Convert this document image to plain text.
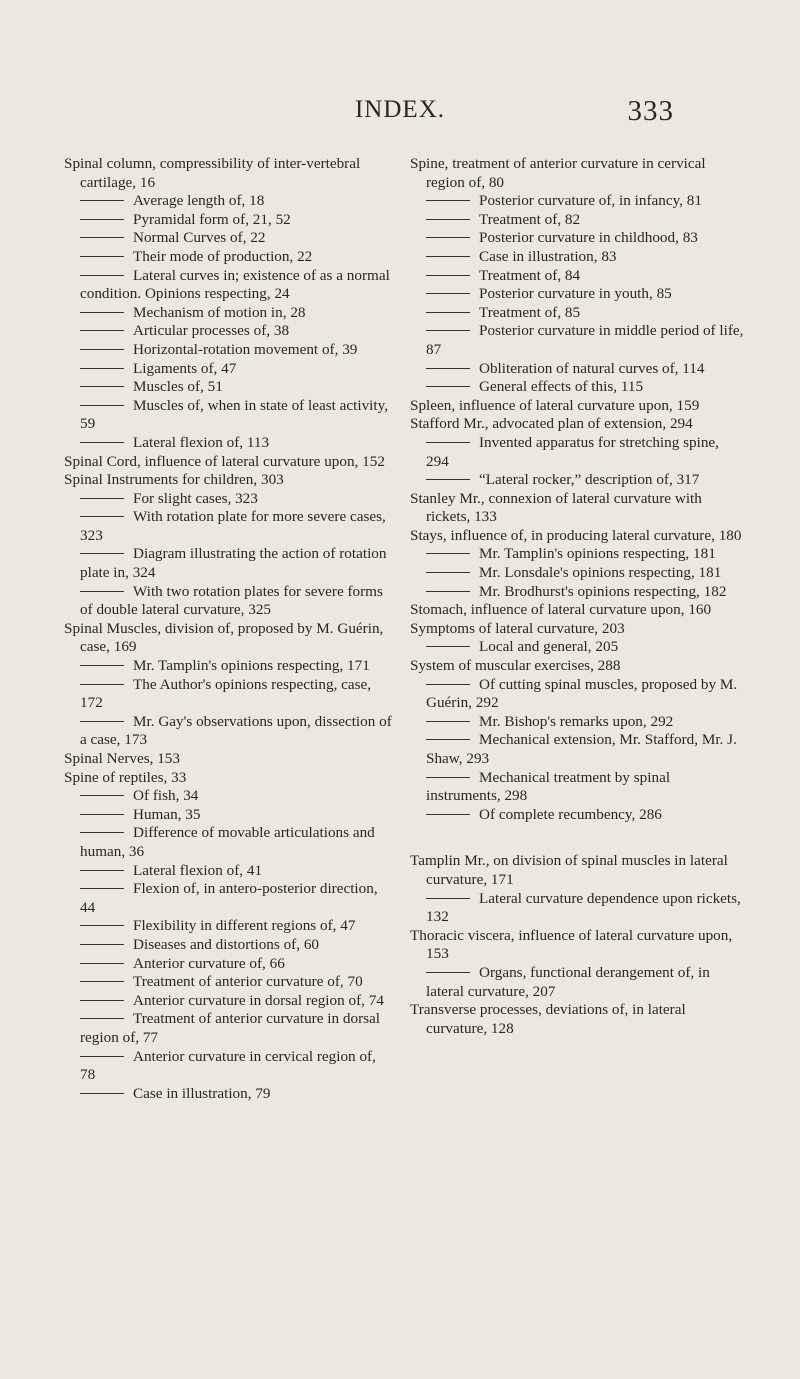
INDEX.	333
Spinal column, compressibility of inter-vertebral cartilage, 16
Average length of, 18
Pyramidal form of, 21, 52
Normal Curves of, 22
Their mode of production, 22
Lateral curves in; existence of as a normal condition. Opinions respecting, 24
Mechanism of motion in, 28
Articular processes of, 38
Horizontal-rotation movement of, 39
Ligaments of, 47
Muscles of, 51
Muscles of, when in state of least activity, 59
Lateral flexion of, 113
Spinal Cord, influence of lateral curvature upon, 152
Spinal Instruments for children, 303
For slight cases, 323
With rotation plate for more severe cases, 323
Diagram illustrating the action of rotation plate in, 324
With two rotation plates for severe forms of double lateral curvature, 325
Spinal Muscles, division of, proposed by M. Guérin, case, 169
Mr. Tamplin's opinions respecting, 171
The Author's opinions respecting, case, 172
Mr. Gay's observations upon, dissection of a case, 173
Spinal Nerves, 153
Spine of reptiles, 33
Of fish, 34
Human, 35
Difference of movable articulations and human, 36
Lateral flexion of, 41
Flexion of, in antero-posterior direction, 44
Flexibility in different regions of, 47
Diseases and distortions of, 60
Anterior curvature of, 66
Treatment of anterior curvature of, 70
Anterior curvature in dorsal region of, 74
Treatment of anterior curvature in dorsal region of, 77
Anterior curvature in cervical region of, 78
Case in illustration, 79
Spine, treatment of anterior curvature in cervical region of, 80
Posterior curvature of, in infancy, 81
Treatment of, 82
Posterior curvature in childhood, 83
Case in illustration, 83
Treatment of, 84
Posterior curvature in youth, 85
Treatment of, 85
Posterior curvature in middle period of life, 87
Obliteration of natural curves of, 114
General effects of this, 115
Spleen, influence of lateral curvature upon, 159
Stafford Mr., advocated plan of extension, 294
Invented apparatus for stretching spine, 294
“Lateral rocker,” description of, 317
Stanley Mr., connexion of lateral curvature with rickets, 133
Stays, influence of, in producing lateral curvature, 180
Mr. Tamplin's opinions respecting, 181
Mr. Lonsdale's opinions respecting, 181
Mr. Brodhurst's opinions respecting, 182
Stomach, influence of lateral curvature upon, 160
Symptoms of lateral curvature, 203
Local and general, 205
System of muscular exercises, 288
Of cutting spinal muscles, proposed by M. Guérin, 292
Mr. Bishop's remarks upon, 292
Mechanical extension, Mr. Stafford, Mr. J. Shaw, 293
Mechanical treatment by spinal instruments, 298
Of complete recumbency, 286
Tamplin Mr., on division of spinal muscles in lateral curvature, 171
Lateral curvature dependence upon rickets, 132
Thoracic viscera, influence of lateral curvature upon, 153
Organs, functional derangement of, in lateral curvature, 207
Transverse processes, deviations of, in lateral curvature, 128
